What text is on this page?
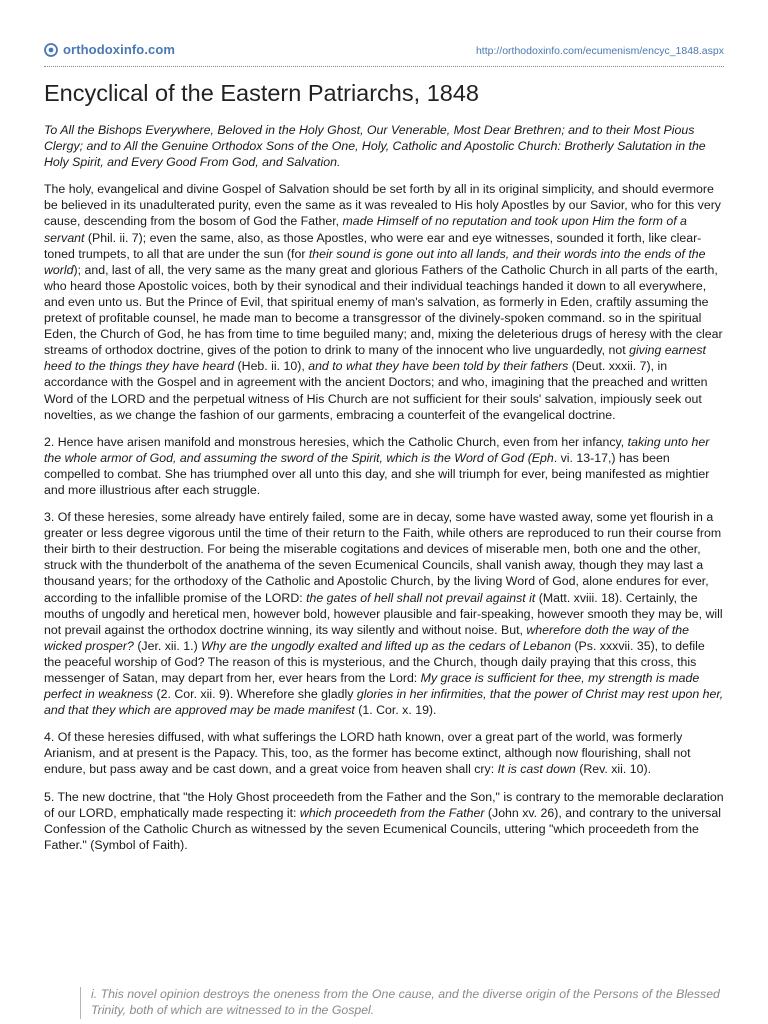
orthodoxinfo.com	http://orthodoxinfo.com/ecumenism/encyc_1848.aspx
Encyclical of the Eastern Patriarchs, 1848

To All the Bishops Everywhere, Beloved in the Holy Ghost, Our Venerable, Most Dear Brethren; and to their Most Pious Clergy; and to All the Genuine Orthodox Sons of the One, Holy, Catholic and Apostolic Church: Brotherly Salutation in the Holy Spirit, and Every Good From God, and Salvation.

The holy, evangelical and divine Gospel of Salvation should be set forth by all in its original simplicity, and should evermore be believed in its unadulterated purity, even the same as it was revealed to His holy Apostles by our Savior, who for this very cause, descending from the bosom of God the Father, made Himself of no reputation and took upon Him the form of a servant (Phil. ii. 7); even the same, also, as those Apostles, who were ear and eye witnesses, sounded it forth, like clear-toned trumpets, to all that are under the sun (for their sound is gone out into all lands, and their words into the ends of the world); and, last of all, the very same as the many great and glorious Fathers of the Catholic Church in all parts of the earth, who heard those Apostolic voices, both by their synodical and their individual teachings handed it down to all everywhere, and even unto us. But the Prince of Evil, that spiritual enemy of man's salvation, as formerly in Eden, craftily assuming the pretext of profitable counsel, he made man to become a transgressor of the divinely-spoken command. so in the spiritual Eden, the Church of God, he has from time to time beguiled many; and, mixing the deleterious drugs of heresy with the clear streams of orthodox doctrine, gives of the potion to drink to many of the innocent who live unguardedly, not giving earnest heed to the things they have heard (Heb. ii. 10), and to what they have been told by their fathers (Deut. xxxii. 7), in accordance with the Gospel and in agreement with the ancient Doctors; and who, imagining that the preached and written Word of the LORD and the perpetual witness of His Church are not sufficient for their souls' salvation, impiously seek out novelties, as we change the fashion of our garments, embracing a counterfeit of the evangelical doctrine.

2. Hence have arisen manifold and monstrous heresies, which the Catholic Church, even from her infancy, taking unto her the whole armor of God, and assuming the sword of the Spirit, which is the Word of God (Eph. vi. 13-17,) has been compelled to combat. She has triumphed over all unto this day, and she will triumph for ever, being manifested as mightier and more illustrious after each struggle.

3. Of these heresies, some already have entirely failed, some are in decay, some have wasted away, some yet flourish in a greater or less degree vigorous until the time of their return to the Faith, while others are reproduced to run their course from their birth to their destruction. For being the miserable cogitations and devices of miserable men, both one and the other, struck with the thunderbolt of the anathema of the seven Ecumenical Councils, shall vanish away, though they may last a thousand years; for the orthodoxy of the Catholic and Apostolic Church, by the living Word of God, alone endures for ever, according to the infallible promise of the LORD: the gates of hell shall not prevail against it (Matt. xviii. 18). Certainly, the mouths of ungodly and heretical men, however bold, however plausible and fair-speaking, however smooth they may be, will not prevail against the orthodox doctrine winning, its way silently and without noise. But, wherefore doth the way of the wicked prosper? (Jer. xii. 1.) Why are the ungodly exalted and lifted up as the cedars of Lebanon (Ps. xxxvii. 35), to defile the peaceful worship of God? The reason of this is mysterious, and the Church, though daily praying that this cross, this messenger of Satan, may depart from her, ever hears from the Lord: My grace is sufficient for thee, my strength is made perfect in weakness (2. Cor. xii. 9). Wherefore she gladly glories in her infirmities, that the power of Christ may rest upon her, and that they which are approved may be made manifest (1. Cor. x. 19).

4. Of these heresies diffused, with what sufferings the LORD hath known, over a great part of the world, was formerly Arianism, and at present is the Papacy. This, too, as the former has become extinct, although now flourishing, shall not endure, but pass away and be cast down, and a great voice from heaven shall cry: It is cast down (Rev. xii. 10).

5. The new doctrine, that "the Holy Ghost proceedeth from the Father and the Son," is contrary to the memorable declaration of our LORD, emphatically made respecting it: which proceedeth from the Father (John xv. 26), and contrary to the universal Confession of the Catholic Church as witnessed by the seven Ecumenical Councils, uttering "which proceedeth from the Father." (Symbol of Faith).

i. This novel opinion destroys the oneness from the One cause, and the diverse origin of the Persons of the Blessed Trinity, both of which are witnessed to in the Gospel.
